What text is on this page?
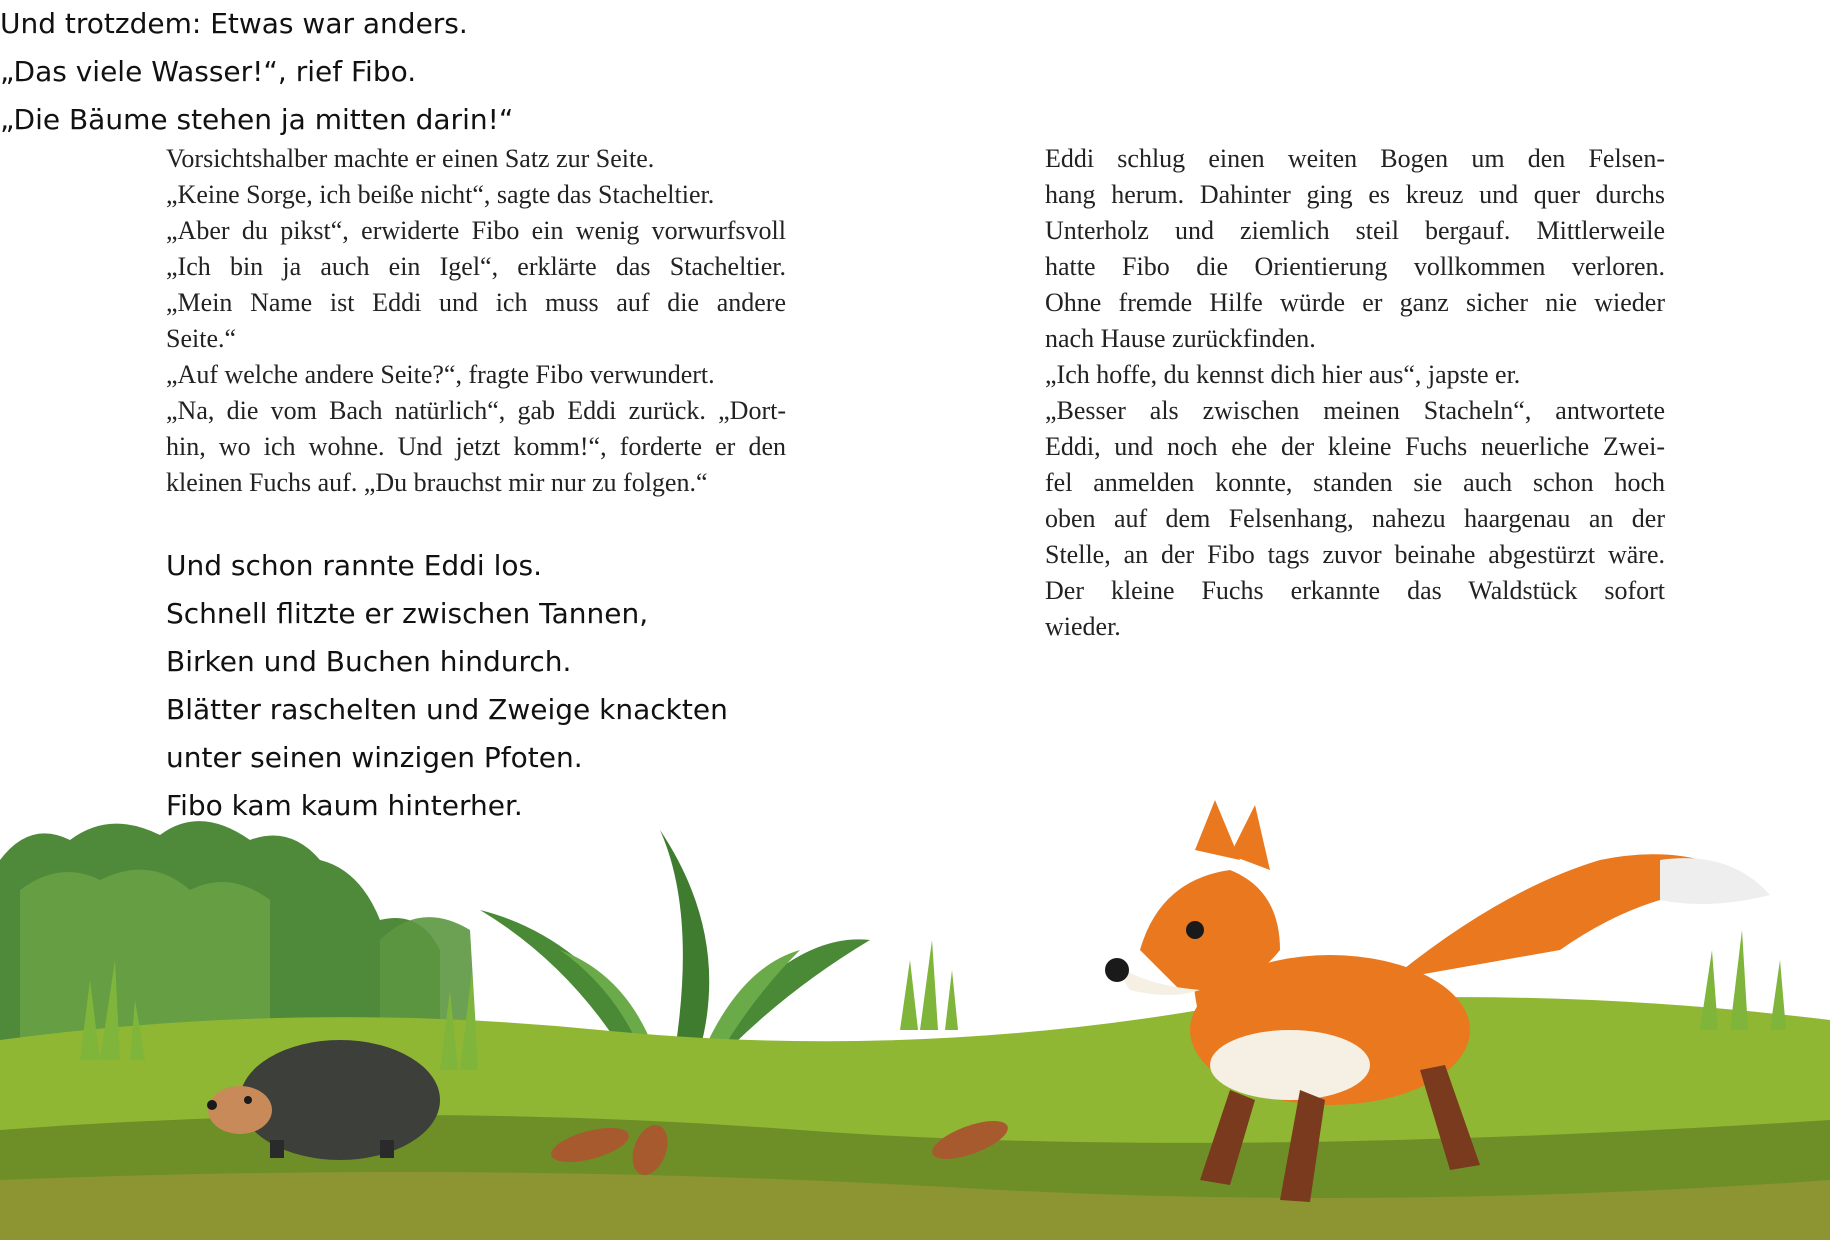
Vorsichtshalber machte er einen Satz zur Seite.
„Keine Sorge, ich beiße nicht“, sagte das Stacheltier.
„Aber du pikst“, erwiderte Fibo ein wenig vorwurfsvoll
„Ich bin ja auch ein Igel“, erklärte das Stacheltier.
„Mein Name ist Eddi und ich muss auf die andere
Seite.“
„Auf welche andere Seite?“, fragte Fibo verwundert.
„Na, die vom Bach natürlich“, gab Eddi zurück. „Dort-
hin, wo ich wohne. Und jetzt komm!“, forderte er den
kleinen Fuchs auf. „Du brauchst mir nur zu folgen.“
Und schon rannte Eddi los.
Schnell flitzte er zwischen Tannen,
Birken und Buchen hindurch.
Blätter raschelten und Zweige knackten
unter seinen winzigen Pfoten.
Fibo kam kaum hinterher.
Eddi schlug einen weiten Bogen um den Felsen-
hang herum. Dahinter ging es kreuz und quer durchs
Unterholz und ziemlich steil bergauf. Mittlerweile
hatte Fibo die Orientierung vollkommen verloren.
Ohne fremde Hilfe würde er ganz sicher nie wieder
nach Hause zurückfinden.
„Ich hoffe, du kennst dich hier aus“, japste er.
„Besser als zwischen meinen Stacheln“, antwortete
Eddi, und noch ehe der kleine Fuchs neuerliche Zwei-
fel anmelden konnte, standen sie auch schon hoch
oben auf dem Felsenhang, nahezu haargenau an der
Stelle, an der Fibo tags zuvor beinahe abgestürzt wäre.
Der kleine Fuchs erkannte das Waldstück sofort
wieder.
Und trotzdem: Etwas war anders.
„Das viele Wasser!“, rief Fibo.
„Die Bäume stehen ja mitten darin!“
